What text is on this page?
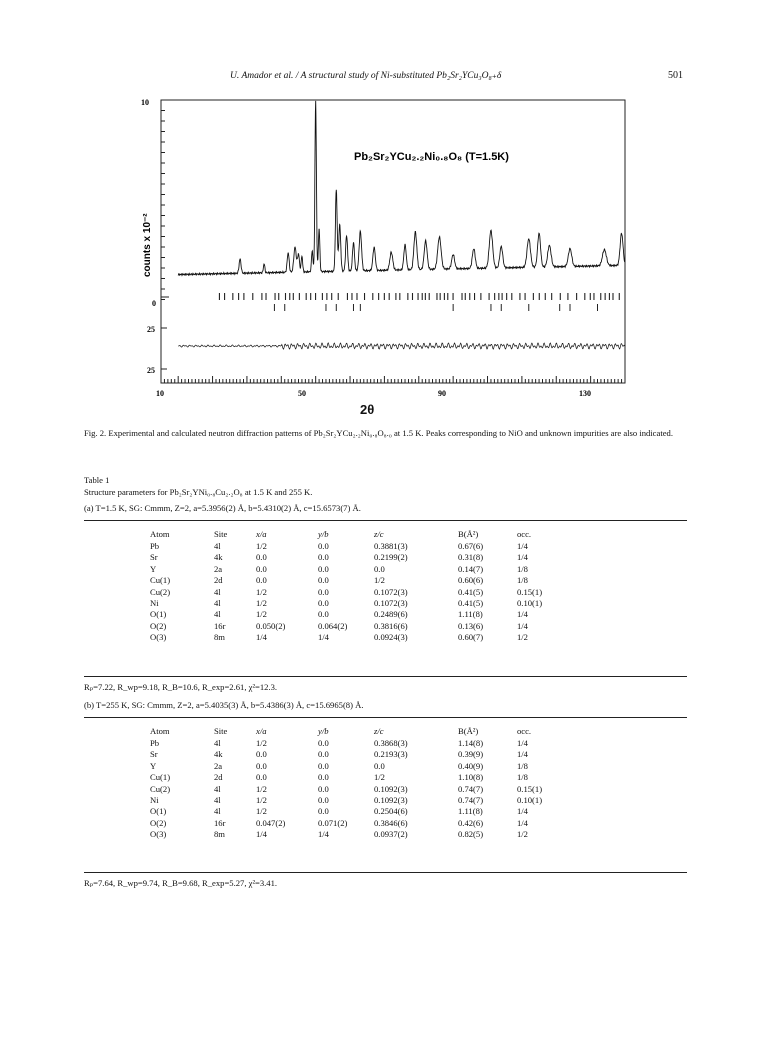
U. Amador et al. / A structural study of Ni-substituted Pb₂Sr₂YCu₃O₈₊δ	501
Pb₂Sr₂YCu₂.₂Ni₀.₈O₈ (T=1.5K)
counts x 10⁻²
10
0
25
25
10	50	90	130
2θ
Fig. 2. Experimental and calculated neutron diffraction patterns of Pb₂Sr₂YCu₂.₂Ni₀.₈O₈.₀ at 1.5 K. Peaks corresponding to NiO and unknown impurities are also indicated.
Table 1
Structure parameters for Pb₂Sr₂YNi₀.₈Cu₂.₂O₈ at 1.5 K and 255 K.
(a) T=1.5 K, SG: Cmmm, Z=2, a=5.3956(2) Å, b=5.4310(2) Å, c=15.6573(7) Å.
Atom	Site	x/a	y/b	z/c	B(Å²)	occ.
Pb	4l	1/2	0.0	0.3881(3)	0.67(6)	1/4
Sr	4k	0.0	0.0	0.2199(2)	0.31(8)	1/4
Y	2a	0.0	0.0	0.0	0.14(7)	1/8
Cu(1)	2d	0.0	0.0	1/2	0.60(6)	1/8
Cu(2)	4l	1/2	0.0	0.1072(3)	0.41(5)	0.15(1)
Ni	4l	1/2	0.0	0.1072(3)	0.41(5)	0.10(1)
O(1)	4l	1/2	0.0	0.2489(6)	1.11(8)	1/4
O(2)	16r	0.050(2)	0.064(2)	0.3816(6)	0.13(6)	1/4
O(3)	8m	1/4	1/4	0.0924(3)	0.60(7)	1/2
Rₚ=7.22, R_wp=9.18, R_B=10.6, R_exp=2.61, χ²=12.3.
(b) T=255 K, SG: Cmmm, Z=2, a=5.4035(3) Å, b=5.4386(3) Å, c=15.6965(8) Å.
Atom	Site	x/a	y/b	z/c	B(Å²)	occ.
Pb	4l	1/2	0.0	0.3868(3)	1.14(8)	1/4
Sr	4k	0.0	0.0	0.2193(3)	0.39(9)	1/4
Y	2a	0.0	0.0	0.0	0.40(9)	1/8
Cu(1)	2d	0.0	0.0	1/2	1.10(8)	1/8
Cu(2)	4l	1/2	0.0	0.1092(3)	0.74(7)	0.15(1)
Ni	4l	1/2	0.0	0.1092(3)	0.74(7)	0.10(1)
O(1)	4l	1/2	0.0	0.2504(6)	1.11(8)	1/4
O(2)	16r	0.047(2)	0.071(2)	0.3846(6)	0.42(6)	1/4
O(3)	8m	1/4	1/4	0.0937(2)	0.82(5)	1/2
Rₚ=7.64, R_wp=9.74, R_B=9.68, R_exp=5.27, χ²=3.41.
